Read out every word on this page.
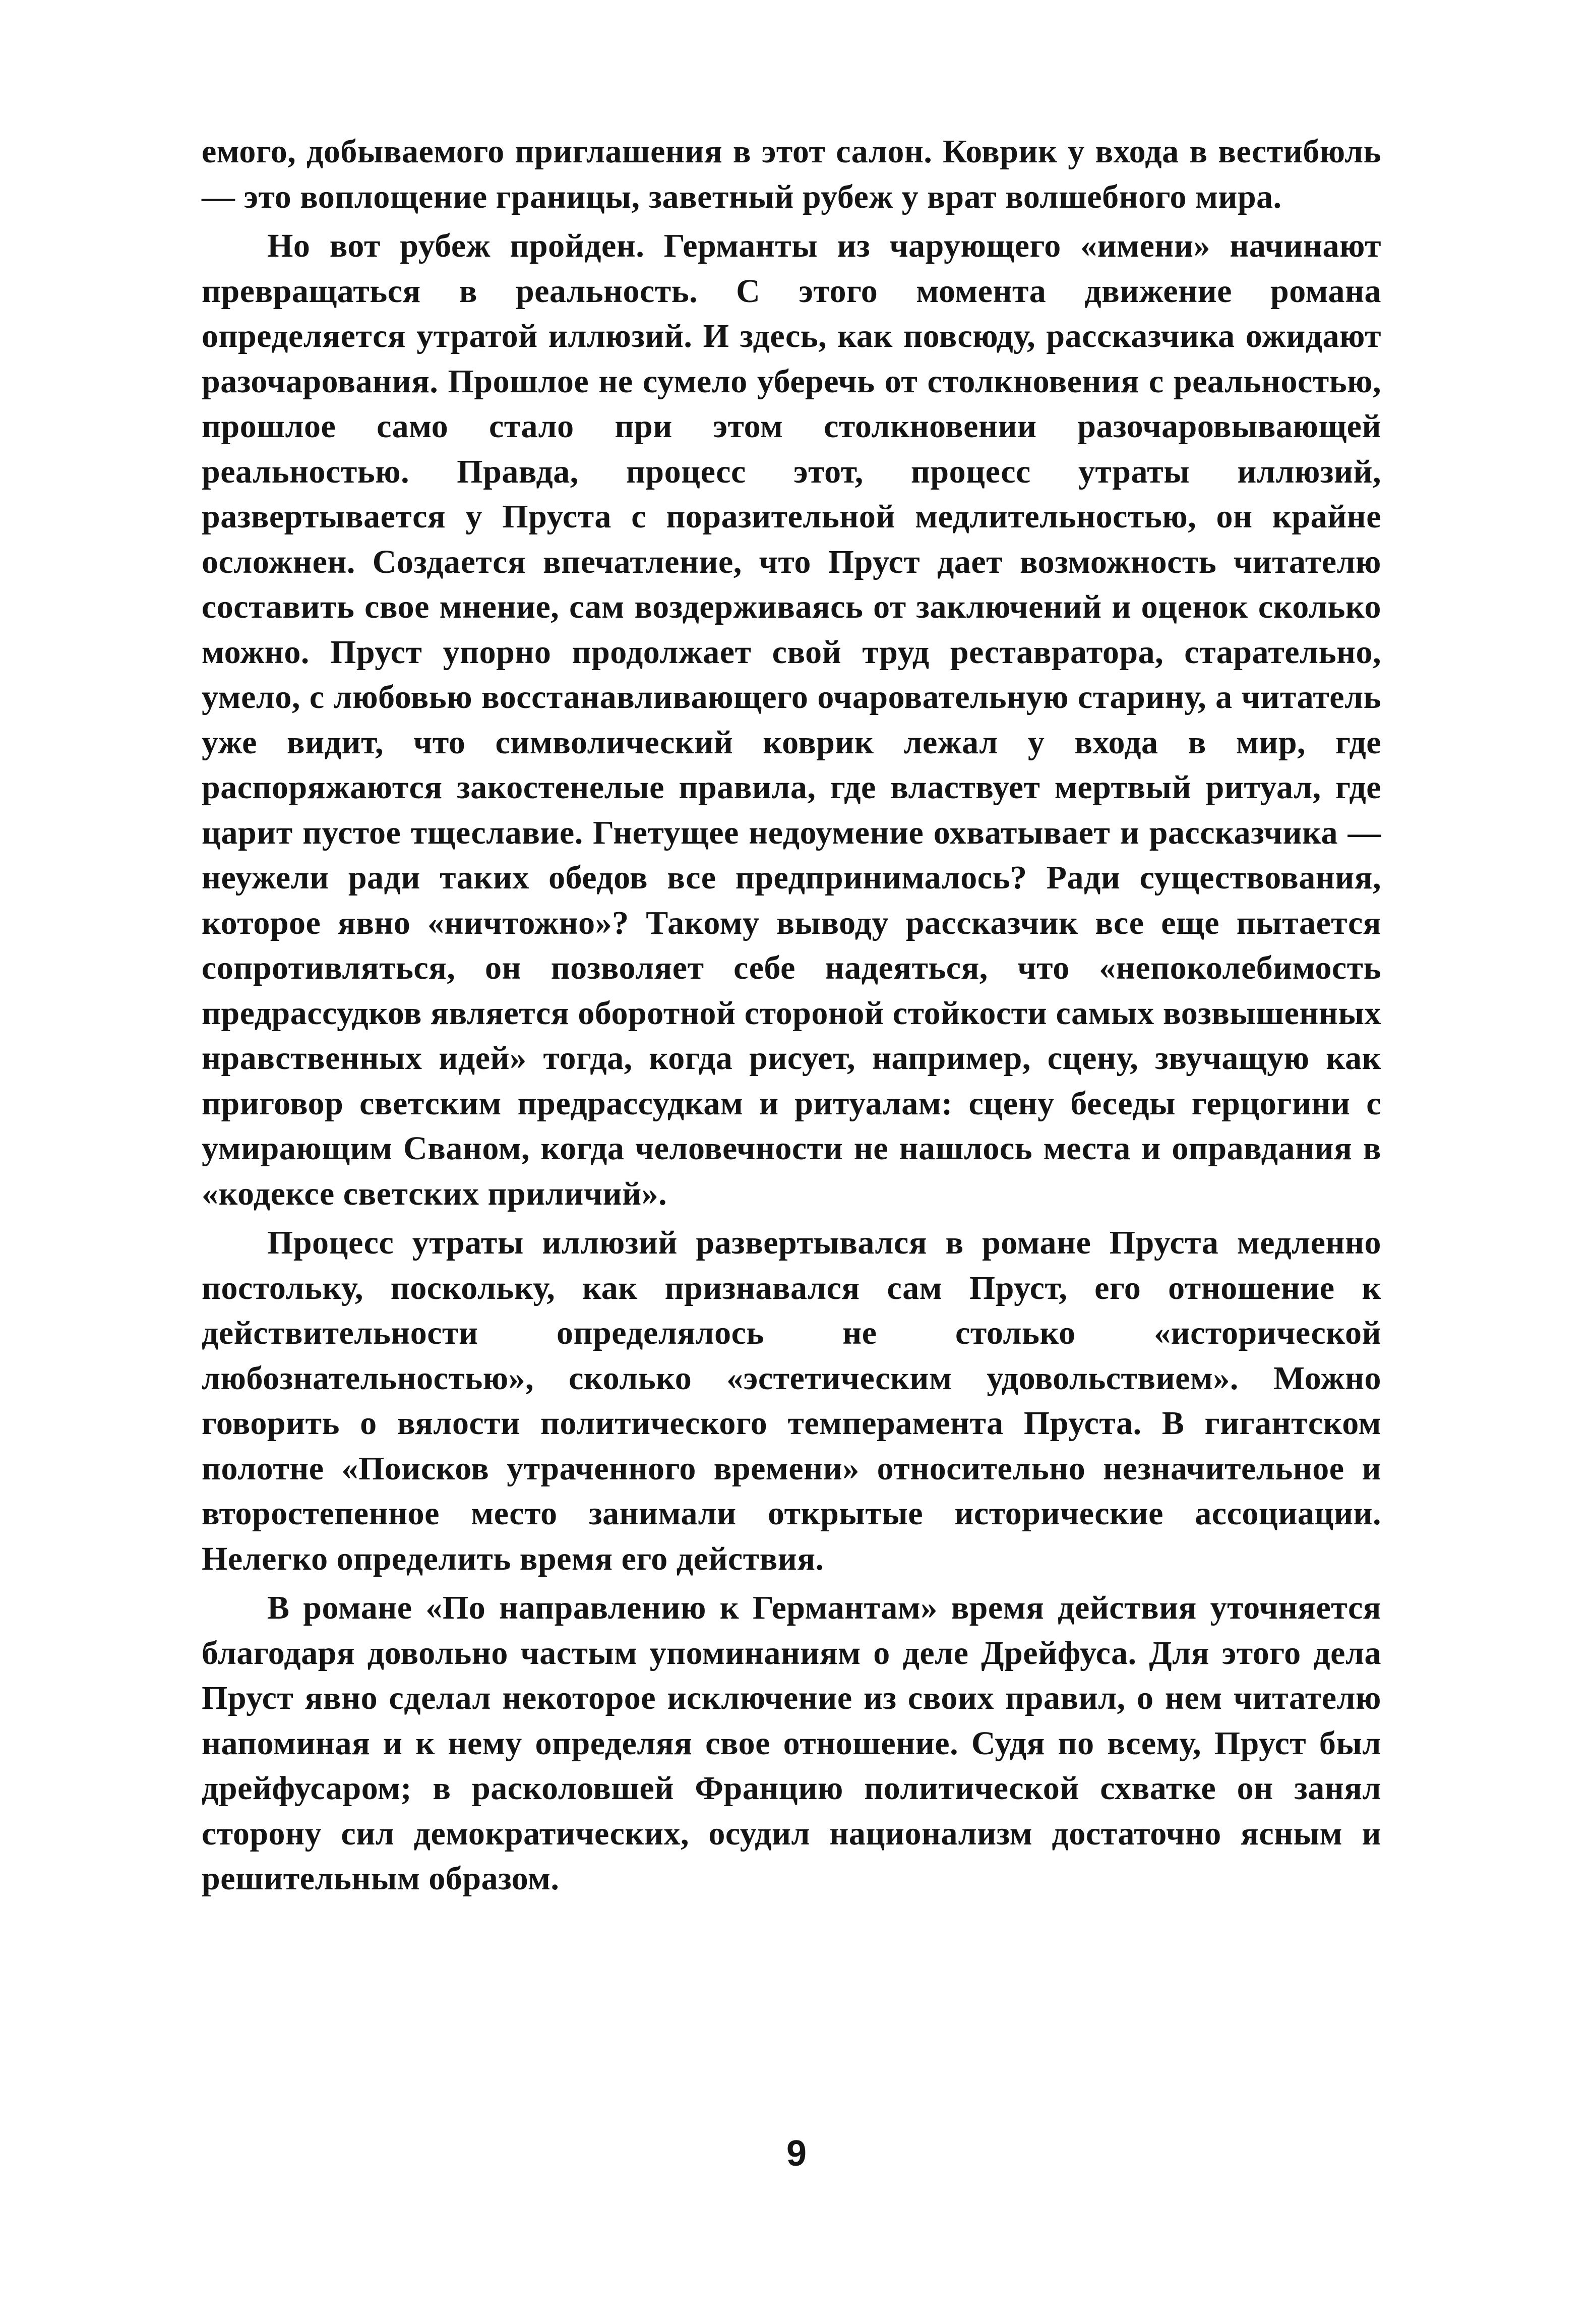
емого, добываемого приглашения в этот салон. Коврик у входа в вестибюль — это воплощение границы, заветный рубеж у врат волшебного мира.

Но вот рубеж пройден. Германты из чарующего «имени» начинают превращаться в реальность. С этого момента движение романа определяется утратой иллюзий. И здесь, как повсюду, рассказчика ожидают разочарования. Прошлое не сумело уберечь от столкновения с реальностью, прошлое само стало при этом столкновении разочаровывающей реальностью. Правда, процесс этот, процесс утраты иллюзий, развертывается у Пруста с поразительной медлительностью, он крайне осложнен. Создается впечатление, что Пруст дает возможность читателю составить свое мнение, сам воздерживаясь от заключений и оценок сколько можно. Пруст упорно продолжает свой труд реставратора, старательно, умело, с любовью восстанавливающего очаровательную старину, а читатель уже видит, что символический коврик лежал у входа в мир, где распоряжаются закостенелые правила, где властвует мертвый ритуал, где царит пустое тщеславие. Гнетущее недоумение охватывает и рассказчика — неужели ради таких обедов все предпринималось? Ради существования, которое явно «ничтожно»? Такому выводу рассказчик все еще пытается сопротивляться, он позволяет себе надеяться, что «непоколебимость предрассудков является оборотной стороной стойкости самых возвышенных нравственных идей» тогда, когда рисует, например, сцену, звучащую как приговор светским предрассудкам и ритуалам: сцену беседы герцогини с умирающим Сваном, когда человечности не нашлось места и оправдания в «кодексе светских приличий».

Процесс утраты иллюзий развертывался в романе Пруста медленно постольку, поскольку, как признавался сам Пруст, его отношение к действительности определялось не столько «исторической любознательностью», сколько «эстетическим удовольствием». Можно говорить о вялости политического темперамента Пруста. В гигантском полотне «Поисков утраченного времени» относительно незначительное и второстепенное место занимали открытые исторические ассоциации. Нелегко определить время его действия.

В романе «По направлению к Германтам» время действия уточняется благодаря довольно частым упоминаниям о деле Дрейфуса. Для этого дела Пруст явно сделал некоторое исключение из своих правил, о нем читателю напоминая и к нему определяя свое отношение. Судя по всему, Пруст был дрейфусаром; в расколовшей Францию политической схватке он занял сторону сил демократических, осудил национализм достаточно ясным и решительным образом.

9
